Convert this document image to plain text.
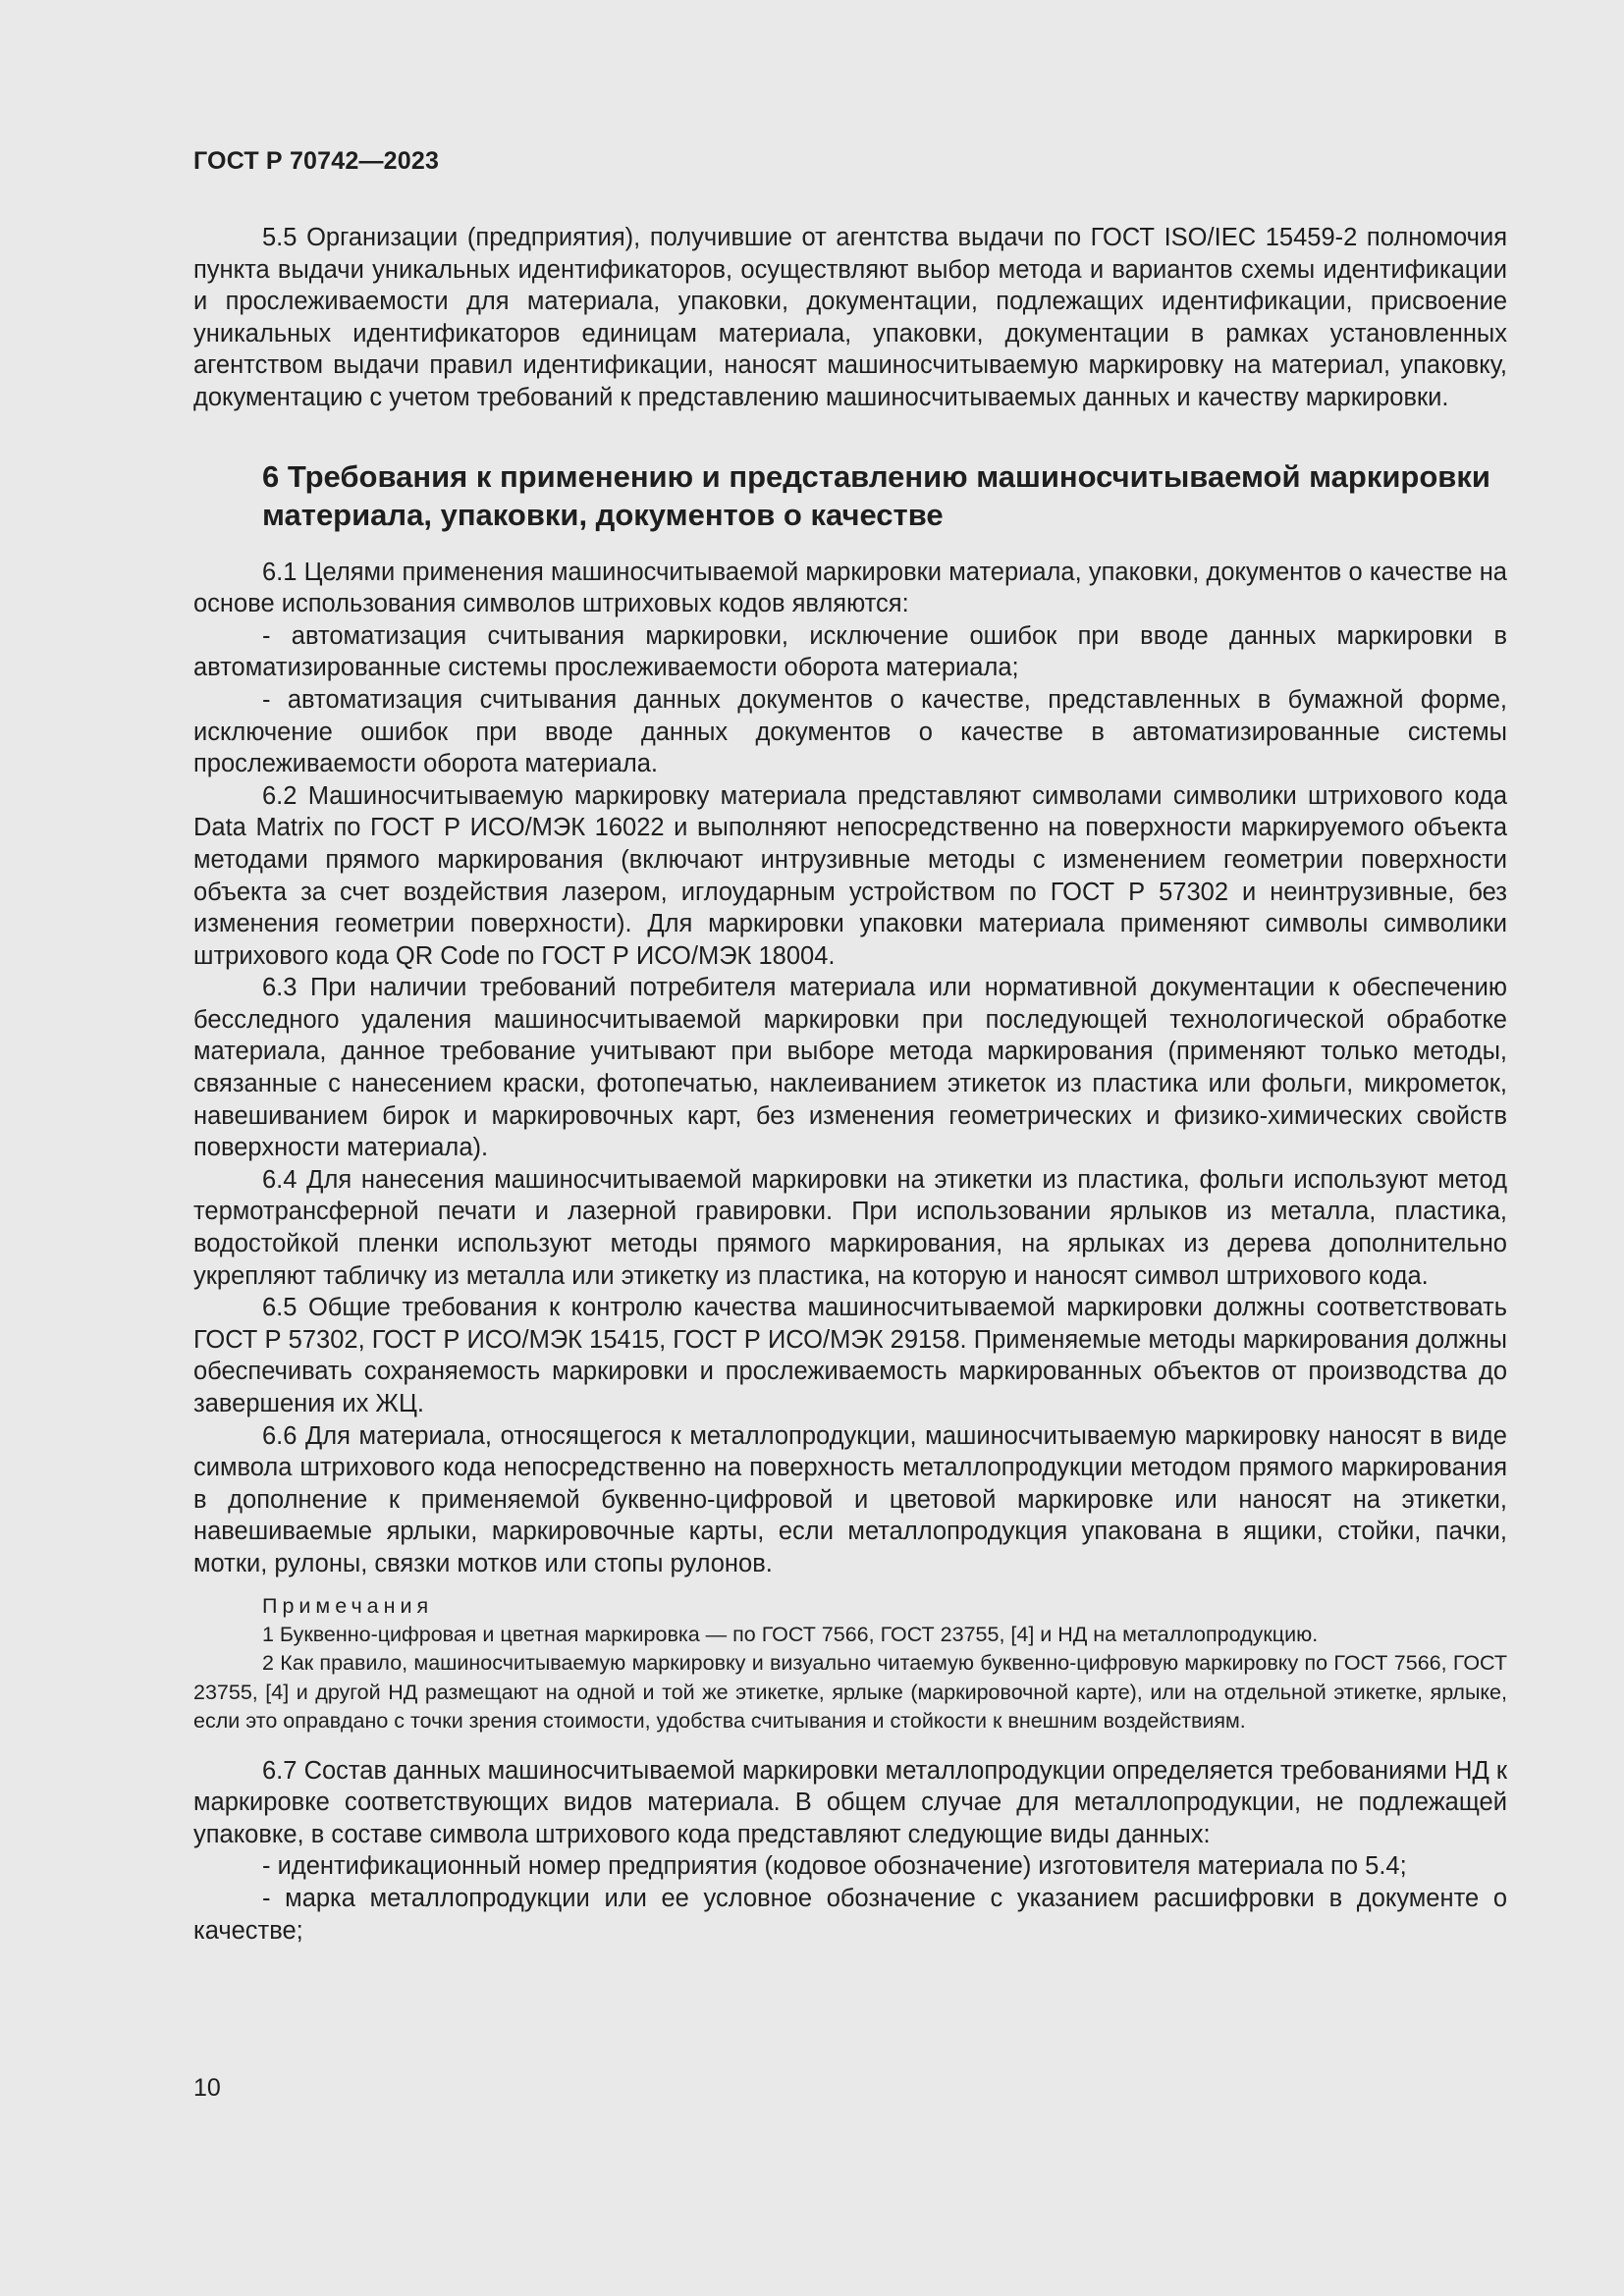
ГОСТ Р 70742—2023

5.5 Организации (предприятия), получившие от агентства выдачи по ГОСТ ISO/IEC 15459-2 полномочия пункта выдачи уникальных идентификаторов, осуществляют выбор метода и вариантов схемы идентификации и прослеживаемости для материала, упаковки, документации, подлежащих идентификации, присвоение уникальных идентификаторов единицам материала, упаковки, документации в рамках установленных агентством выдачи правил идентификации, наносят машиносчитываемую маркировку на материал, упаковку, документацию с учетом требований к представлению машиносчитываемых данных и качеству маркировки.

6 Требования к применению и представлению машиносчитываемой маркировки материала, упаковки, документов о качестве

6.1 Целями применения машиносчитываемой маркировки материала, упаковки, документов о качестве на основе использования символов штриховых кодов являются:

- автоматизация считывания маркировки, исключение ошибок при вводе данных маркировки в автоматизированные системы прослеживаемости оборота материала;

- автоматизация считывания данных документов о качестве, представленных в бумажной форме, исключение ошибок при вводе данных документов о качестве в автоматизированные системы прослеживаемости оборота материала.

6.2 Машиносчитываемую маркировку материала представляют символами символики штрихового кода Data Matrix по ГОСТ Р ИСО/МЭК 16022 и выполняют непосредственно на поверхности маркируемого объекта методами прямого маркирования (включают интрузивные методы с изменением геометрии поверхности объекта за счет воздействия лазером, иглоударным устройством по ГОСТ Р 57302 и неинтрузивные, без изменения геометрии поверхности). Для маркировки упаковки материала применяют символы символики штрихового кода QR Code по ГОСТ Р ИСО/МЭК 18004.

6.3 При наличии требований потребителя материала или нормативной документации к обеспечению бесследного удаления машиносчитываемой маркировки при последующей технологической обработке материала, данное требование учитывают при выборе метода маркирования (применяют только методы, связанные с нанесением краски, фотопечатью, наклеиванием этикеток из пластика или фольги, микрометок, навешиванием бирок и маркировочных карт, без изменения геометрических и физико-химических свойств поверхности материала).

6.4 Для нанесения машиносчитываемой маркировки на этикетки из пластика, фольги используют метод термотрансферной печати и лазерной гравировки. При использовании ярлыков из металла, пластика, водостойкой пленки используют методы прямого маркирования, на ярлыках из дерева дополнительно укрепляют табличку из металла или этикетку из пластика, на которую и наносят символ штрихового кода.

6.5 Общие требования к контролю качества машиносчитываемой маркировки должны соответствовать ГОСТ Р 57302, ГОСТ Р ИСО/МЭК 15415, ГОСТ Р ИСО/МЭК 29158. Применяемые методы маркирования должны обеспечивать сохраняемость маркировки и прослеживаемость маркированных объектов от производства до завершения их ЖЦ.

6.6 Для материала, относящегося к металлопродукции, машиносчитываемую маркировку наносят в виде символа штрихового кода непосредственно на поверхность металлопродукции методом прямого маркирования в дополнение к применяемой буквенно-цифровой и цветовой маркировке или наносят на этикетки, навешиваемые ярлыки, маркировочные карты, если металлопродукция упакована в ящики, стойки, пачки, мотки, рулоны, связки мотков или стопы рулонов.

Примечания

1 Буквенно-цифровая и цветная маркировка — по ГОСТ 7566, ГОСТ 23755, [4] и НД на металлопродукцию.

2 Как правило, машиносчитываемую маркировку и визуально читаемую буквенно-цифровую маркировку по ГОСТ 7566, ГОСТ 23755, [4] и другой НД размещают на одной и той же этикетке, ярлыке (маркировочной карте), или на отдельной этикетке, ярлыке, если это оправдано с точки зрения стоимости, удобства считывания и стойкости к внешним воздействиям.

6.7 Состав данных машиносчитываемой маркировки металлопродукции определяется требованиями НД к маркировке соответствующих видов материала. В общем случае для металлопродукции, не подлежащей упаковке, в составе символа штрихового кода представляют следующие виды данных:

- идентификационный номер предприятия (кодовое обозначение) изготовителя материала по 5.4;

- марка металлопродукции или ее условное обозначение с указанием расшифровки в документе о качестве;

10
